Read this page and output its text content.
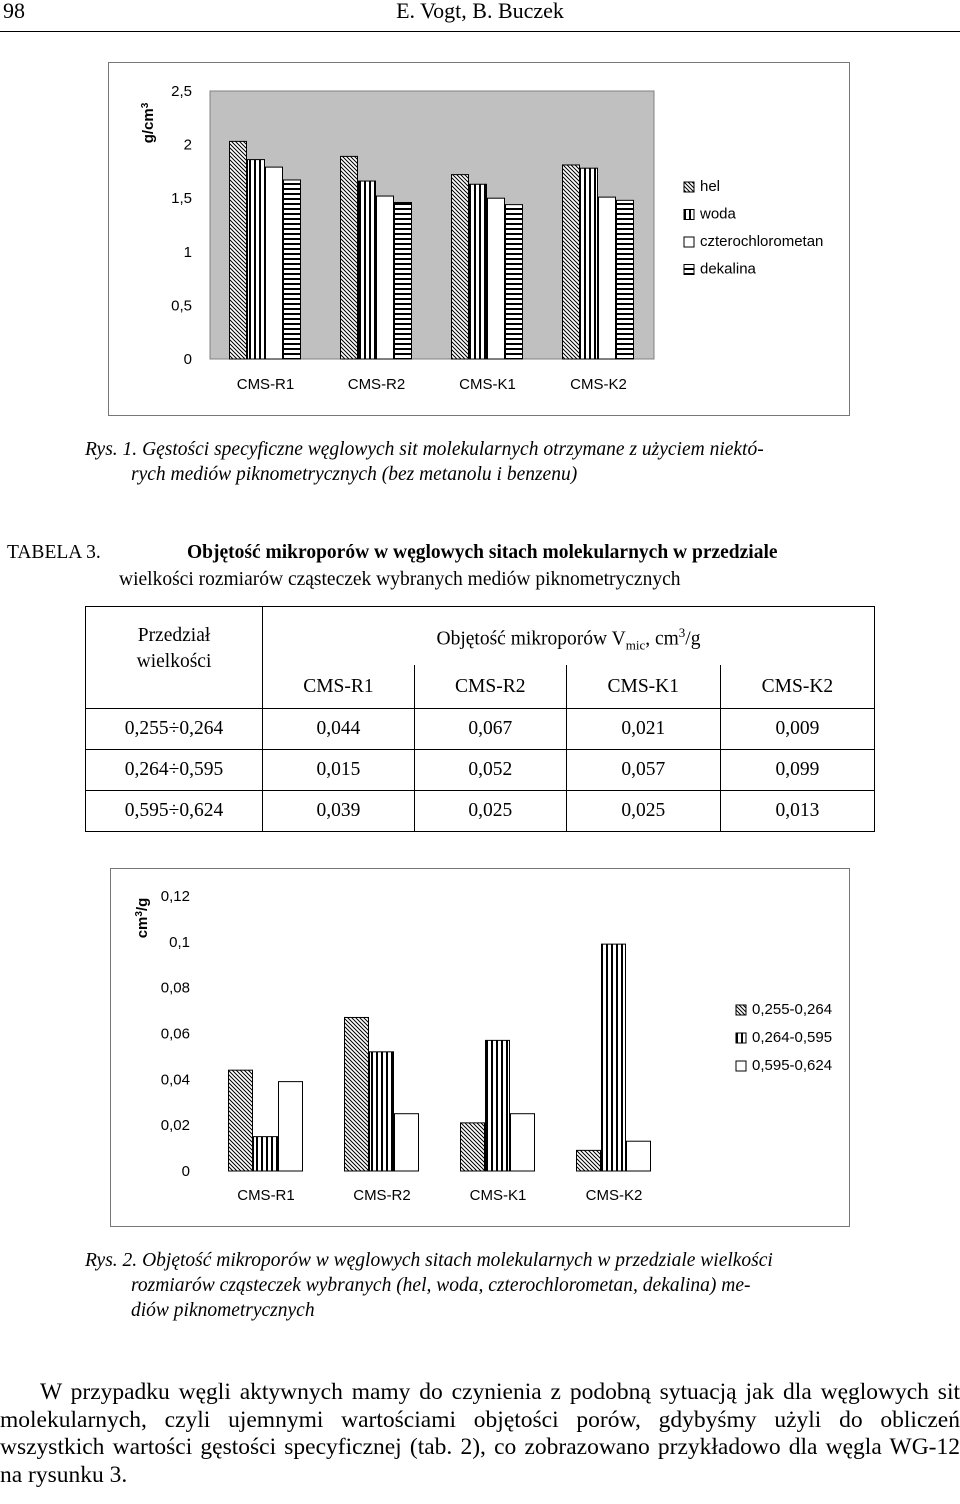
98	E. Vogt, B. Buczek
0
0,5
1
1,5
2
2,5
CMS-R1	CMS-R2	CMS-K1	CMS-K2
$g/cm^3$
hel
woda
czterochlorometan
dekalina
Rys. 1. Gęstości specyficzne węglowych sit molekularnych otrzymane z użyciem niektó-
rych mediów piknometrycznych (bez metanolu i benzenu)
TABELA 3.	Objętość mikroporów w węglowych sitach molekularnych w przedziale
wielkości rozmiarów cząsteczek wybranych mediów piknometrycznych
Przedział
wielkości	Objętość mikroporów $V_{mic}$, $cm^3/g$			
	CMS-R1	CMS-R2	CMS-K1	CMS-K2
0,255÷0,264	0,044	0,067	0,021	0,009
0,264÷0,595	0,015	0,052	0,057	0,099
0,595÷0,624	0,039	0,025	0,025	0,013
0
0,02
0,04
0,06
0,08
0,1
0,12
CMS-R1	CMS-R2	CMS-K1	CMS-K2
$cm^3/g$
0,255-0,264
0,264-0,595
0,595-0,624
Rys. 2. Objętość mikroporów w węglowych sitach molekularnych w przedziale wielkości
rozmiarów cząsteczek wybranych (hel, woda, czterochlorometan, dekalina) me-
diów piknometrycznych
W przypadku węgli aktywnych mamy do czynienia z podobną sytuacją jak dla węglowych sit molekularnych, czyli ujemnymi wartościami objętości porów, gdybyśmy użyli do obliczeń wszystkich wartości gęstości specyficznej (tab. 2), co zobrazowano przykładowo dla węgla WG-12 na rysunku 3.
